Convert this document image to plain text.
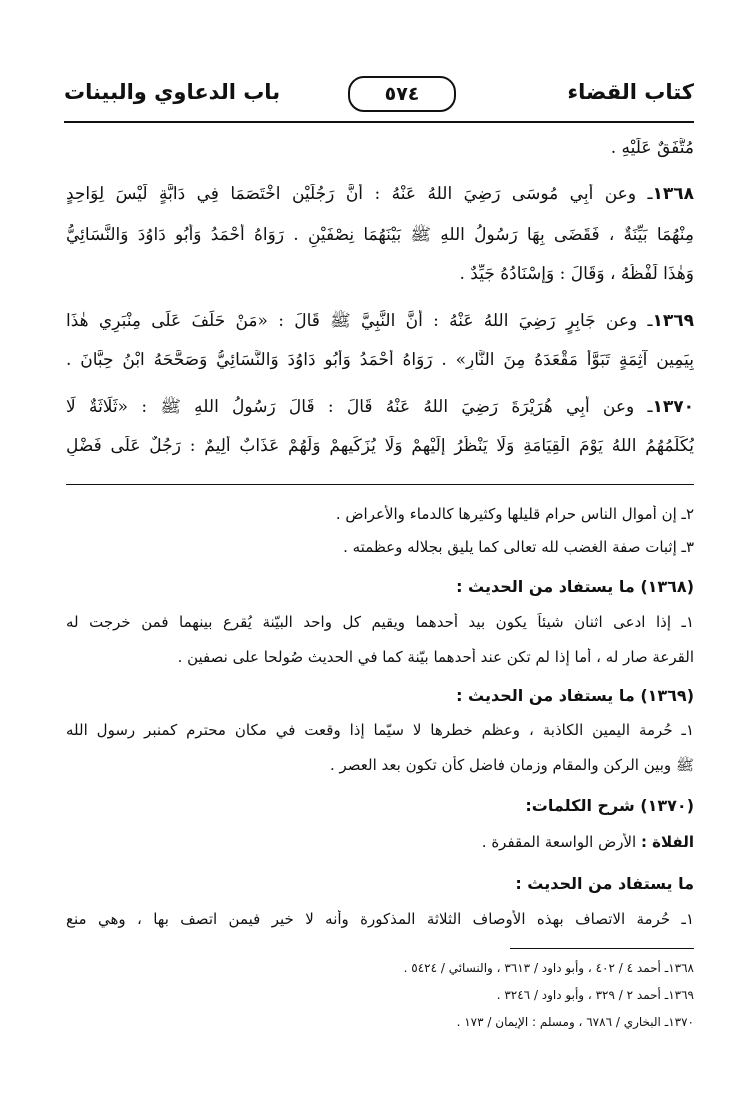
كتاب القضاء
٥٧٤
باب الدعاوي والبينات
مُتَّفَقٌ عَلَيْهِ .
١٣٦٨ـ وعن أَبِي مُوسَى رَضِيَ اللهُ عَنْهُ : أَنَّ رَجُلَيْنِ اخْتَصَمَا فِي دَابَّةٍ لَيْسَ لِوَاحِدٍ
مِنْهُمَا بَيِّنَةٌ ، فَقَضَى بِهَا رَسُولُ اللهِ ﷺ بَيْنَهُمَا نِصْفَيْنِ . رَوَاهُ أَحْمَدُ وَأَبُو دَاوُدَ وَالنَّسَائِيُّ
وَهٰذَا لَفْظُهُ ، وَقَالَ : وَإِسْنَادُهُ جَيِّدٌ .
١٣٦٩ـ وعن جَابِرٍ رَضِيَ اللهُ عَنْهُ : أَنَّ النَّبِيَّ ﷺ قَالَ : «مَنْ حَلَفَ عَلَى مِنْبَرِي هٰذَا
بِيَمِينٍ آثِمَةٍ تَبَوَّأَ مَقْعَدَهُ مِنَ النَّارِ» . رَوَاهُ أَحْمَدُ وَأَبُو دَاوُدَ وَالنَّسَائِيُّ وَصَحَّحَهُ ابْنُ حِبَّانَ .
١٣٧٠ـ وعن أَبِي هُرَيْرَةَ رَضِيَ اللهُ عَنْهُ قَالَ : قَالَ رَسُولُ اللهِ ﷺ : «ثَلَاثَةٌ لَا
يُكَلِّمُهُمُ اللهُ يَوْمَ الْقِيَامَةِ وَلَا يَنْظُرُ إِلَيْهِمْ وَلَا يُزَكِّيهِمْ وَلَهُمْ عَذَابٌ أَلِيمٌ : رَجُلٌ عَلَى فَضْلِ
٢ـ إن أموال الناس حرام قليلها وكثيرها كالدماء والأعراض .
٣ـ إثبات صفة الغضب لله تعالى كما يليق بجلاله وعظمته .
(١٣٦٨) ما يستفاد من الحديث :
١ـ إذا ادعى اثنان شيئاً يكون بيد أحدهما ويقيم كل واحد البيّنة يُقرع بينهما فمن خرجت له
القرعة صار له ، أما إذا لم تكن عند أحدهما بيّنة كما في الحديث صُولحا على نصفين .
(١٣٦٩) ما يستفاد من الحديث :
١ـ حُرمة اليمين الكاذبة ، وعظم خطرها لا سيّما إذا وقعت في مكان محترم كمنبر رسول الله
ﷺ وبين الركن والمقام وزمان فاضل كأن تكون بعد العصر .
(١٣٧٠) شرح الكلمات:
الفلاة : الأرض الواسعة المقفرة .
ما يستفاد من الحديث :
١ـ حُرمة الاتصاف بهذه الأوصاف الثلاثة المذكورة وأنه لا خير فيمن اتصف بها ، وهي منع
١٣٦٨ـ أحمد ٤ / ٤٠٢ ، وأبو داود / ٣٦١٣ ، والنسائي / ٥٤٢٤ .
١٣٦٩ـ أحمد ٢ / ٣٢٩ ، وأبو داود / ٣٢٤٦ .
١٣٧٠ـ البخاري / ٦٧٨٦ ، ومسلم : الإيمان / ١٧٣ .
